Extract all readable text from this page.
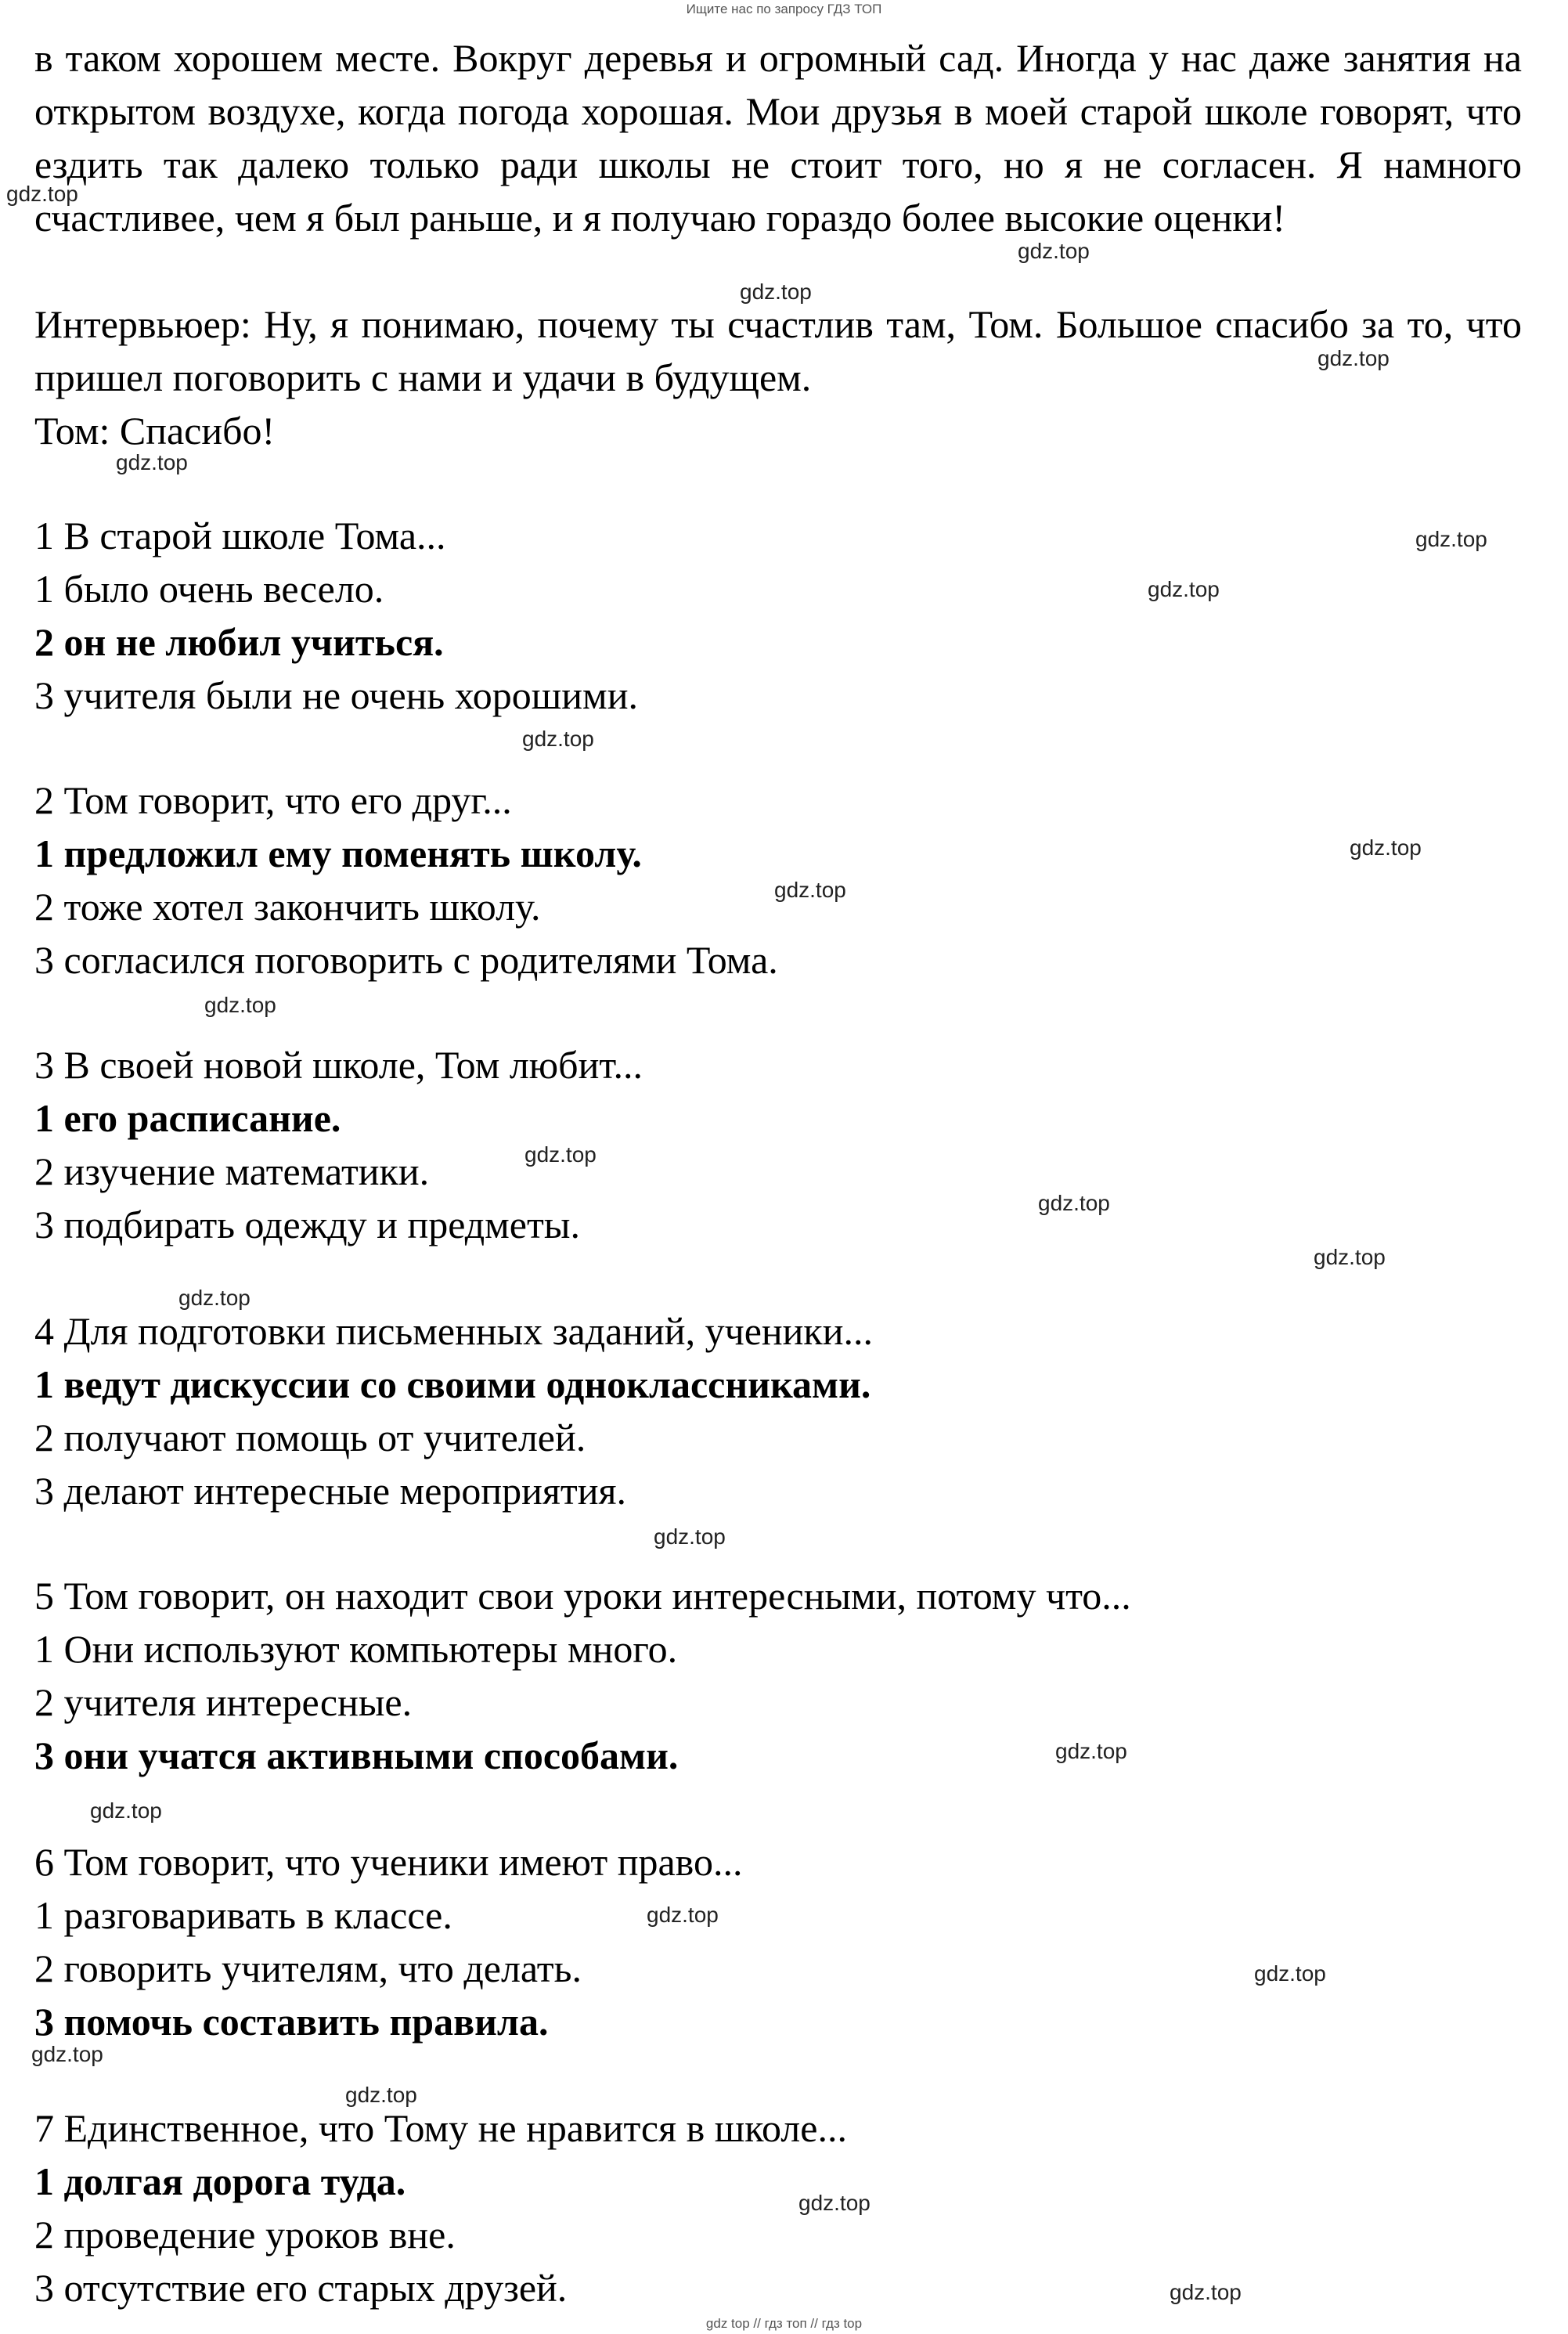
Ищите нас по запросу ГДЗ ТОП

в таком хорошем месте. Вокруг деревья и огромный сад. Иногда у нас даже занятия на открытом воздухе, когда погода хорошая. Мои друзья в моей старой школе говорят, что ездить так далеко только ради школы не стоит того, но я не согласен. Я намного счастливее, чем я был раньше, и я получаю гораздо более высокие оценки!

Интервьюер: Ну, я понимаю, почему ты счастлив там, Том. Большое спасибо за то, что пришел поговорить с нами и удачи в будущем.

Том: Спасибо!

1 В старой школе Тома...

1 было очень весело.

2 он не любил учиться.

3 учителя были не очень хорошими.

2 Том говорит, что его друг...

1 предложил ему поменять школу.

2 тоже хотел закончить школу.

3 согласился поговорить с родителями Тома.

3 В своей новой школе, Том любит...

1 его расписание.

2 изучение математики.

3 подбирать одежду и предметы.

4 Для подготовки письменных заданий, ученики...

1 ведут дискуссии со своими одноклассниками.

2 получают помощь от учителей.

3 делают интересные мероприятия.

5 Том говорит, он находит свои уроки интересными, потому что...

1 Они используют компьютеры много.

2 учителя интересные.

3 они учатся активными способами.

6 Том говорит, что ученики имеют право...

1 разговаривать в классе.

2 говорить учителям, что делать.

3 помочь составить правила.

7 Единственное, что Тому не нравится в школе...

1 долгая дорога туда.

2 проведение уроков вне.

3 отсутствие его старых друзей.

gdz.top
gdz.top
gdz.top
gdz.top
gdz.top
gdz.top
gdz.top
gdz.top
gdz.top
gdz.top
gdz.top
gdz.top
gdz.top
gdz.top
gdz.top
gdz.top
gdz.top
gdz.top
gdz.top
gdz.top
gdz.top
gdz.top
gdz.top
gdz.top
gdz top // гдз топ // гдз top
